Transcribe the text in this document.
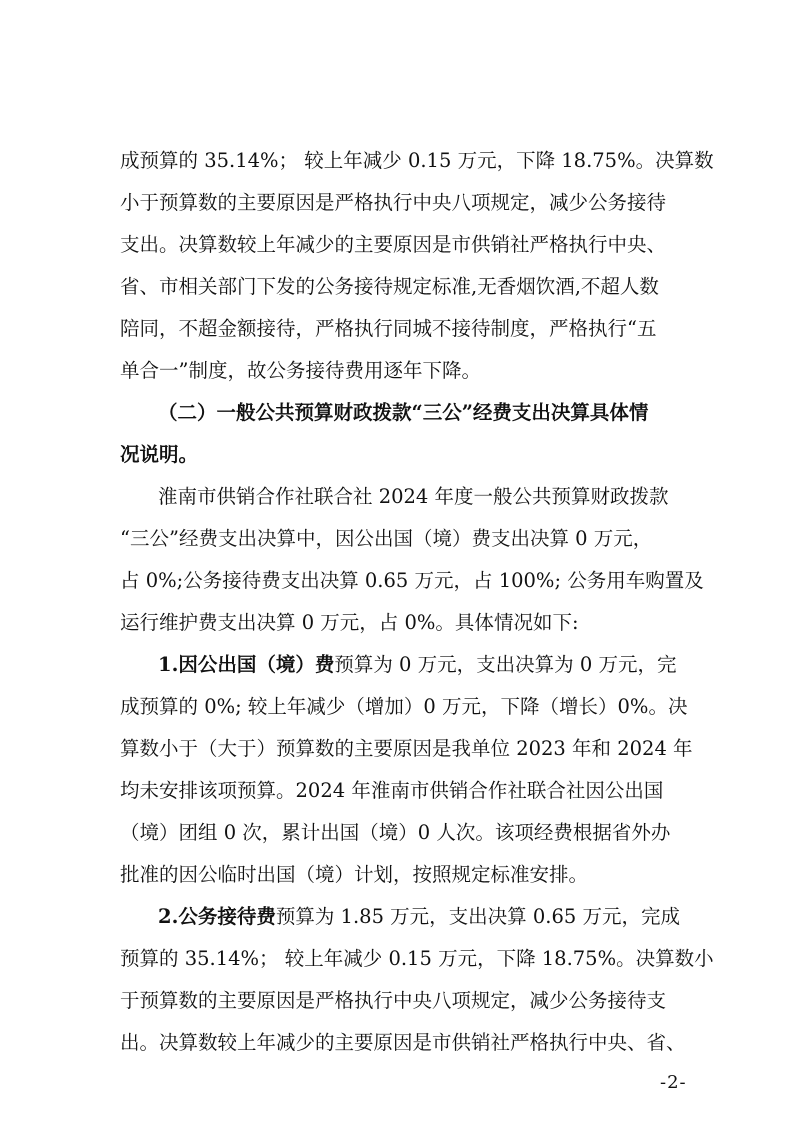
成预算的 35.14%； 较上年减少 0.15 万元，下降 18.75%。决算数
小于预算数的主要原因是严格执行中央八项规定，减少公务接待
支出。决算数较上年减少的主要原因是市供销社严格执行中央、
省、市相关部门下发的公务接待规定标准,无香烟饮酒,不超人数
陪同，不超金额接待，严格执行同城不接待制度，严格执行“五
单合一”制度，故公务接待费用逐年下降。
（二）一般公共预算财政拨款“三公”经费支出决算具体情
况说明。
淮南市供销合作社联合社 2024 年度一般公共预算财政拨款
“三公”经费支出决算中，因公出国（境）费支出决算 0 万元，
占 0%;公务接待费支出决算 0.65 万元，占 100%; 公务用车购置及
运行维护费支出决算 0 万元，占 0%。具体情况如下:
1.因公出国（境）费预算为 0 万元，支出决算为 0 万元，完
成预算的 0%; 较上年减少（增加）0 万元，下降（增长）0%。决
算数小于（大于）预算数的主要原因是我单位 2023 年和 2024 年
均未安排该项预算。2024 年淮南市供销合作社联合社因公出国
（境）团组 0 次，累计出国（境）0 人次。该项经费根据省外办
批准的因公临时出国（境）计划，按照规定标准安排。
2.公务接待费预算为 1.85 万元，支出决算 0.65 万元，完成
预算的 35.14%； 较上年减少 0.15 万元，下降 18.75%。决算数小
于预算数的主要原因是严格执行中央八项规定，减少公务接待支
出。决算数较上年减少的主要原因是市供销社严格执行中央、省、
-2-
